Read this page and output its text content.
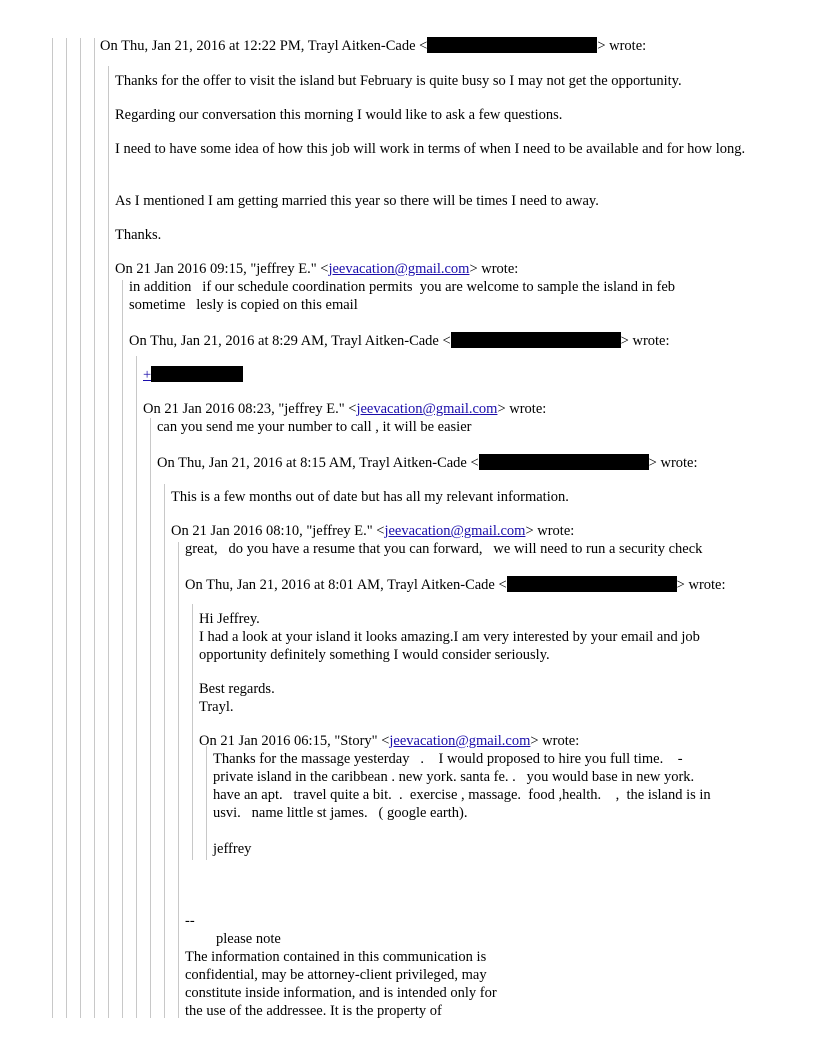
On Thu, Jan 21, 2016 at 12:22 PM, Trayl Aitken-Cade <	> wrote:
Thanks for the offer to visit the island but February is quite busy so I may not get the opportunity.
Regarding our conversation this morning I would like to ask a few questions.
I need to have some idea of how this job will work in terms of when I need to be available and for how long.
As I mentioned I am getting married this year so there will be times I need to away.
Thanks.
On 21 Jan 2016 09:15, "jeffrey E." <jeevacation@gmail.com> wrote:
in addition   if our schedule coordination permits  you are welcome to sample the island in feb
sometime   lesly is copied on this email
On Thu, Jan 21, 2016 at 8:29 AM, Trayl Aitken-Cade <	> wrote:
+
On 21 Jan 2016 08:23, "jeffrey E." <jeevacation@gmail.com> wrote:
can you send me your number to call , it will be easier
On Thu, Jan 21, 2016 at 8:15 AM, Trayl Aitken-Cade <	> wrote:
This is a few months out of date but has all my relevant information.
On 21 Jan 2016 08:10, "jeffrey E." <jeevacation@gmail.com> wrote:
great,   do you have a resume that you can forward,   we will need to run a security check
On Thu, Jan 21, 2016 at 8:01 AM, Trayl Aitken-Cade <	> wrote:
Hi Jeffrey.
I had a look at your island it looks amazing.I am very interested by your email and job opportunity definitely something I would consider seriously.
Best regards.
Trayl.
On 21 Jan 2016 06:15, "Story" <jeevacation@gmail.com> wrote:
Thanks for the massage yesterday   .    I would proposed to hire you full time.    -
private island in the caribbean . new york. santa fe. .   you would base in new york.
have an apt.   travel quite a bit.  .  exercise , massage.  food ,health.    ,  the island is in
usvi.   name little st james.   ( google earth).
jeffrey
--
please note
The information contained in this communication is
confidential, may be attorney-client privileged, may
constitute inside information, and is intended only for
the use of the addressee. It is the property of
